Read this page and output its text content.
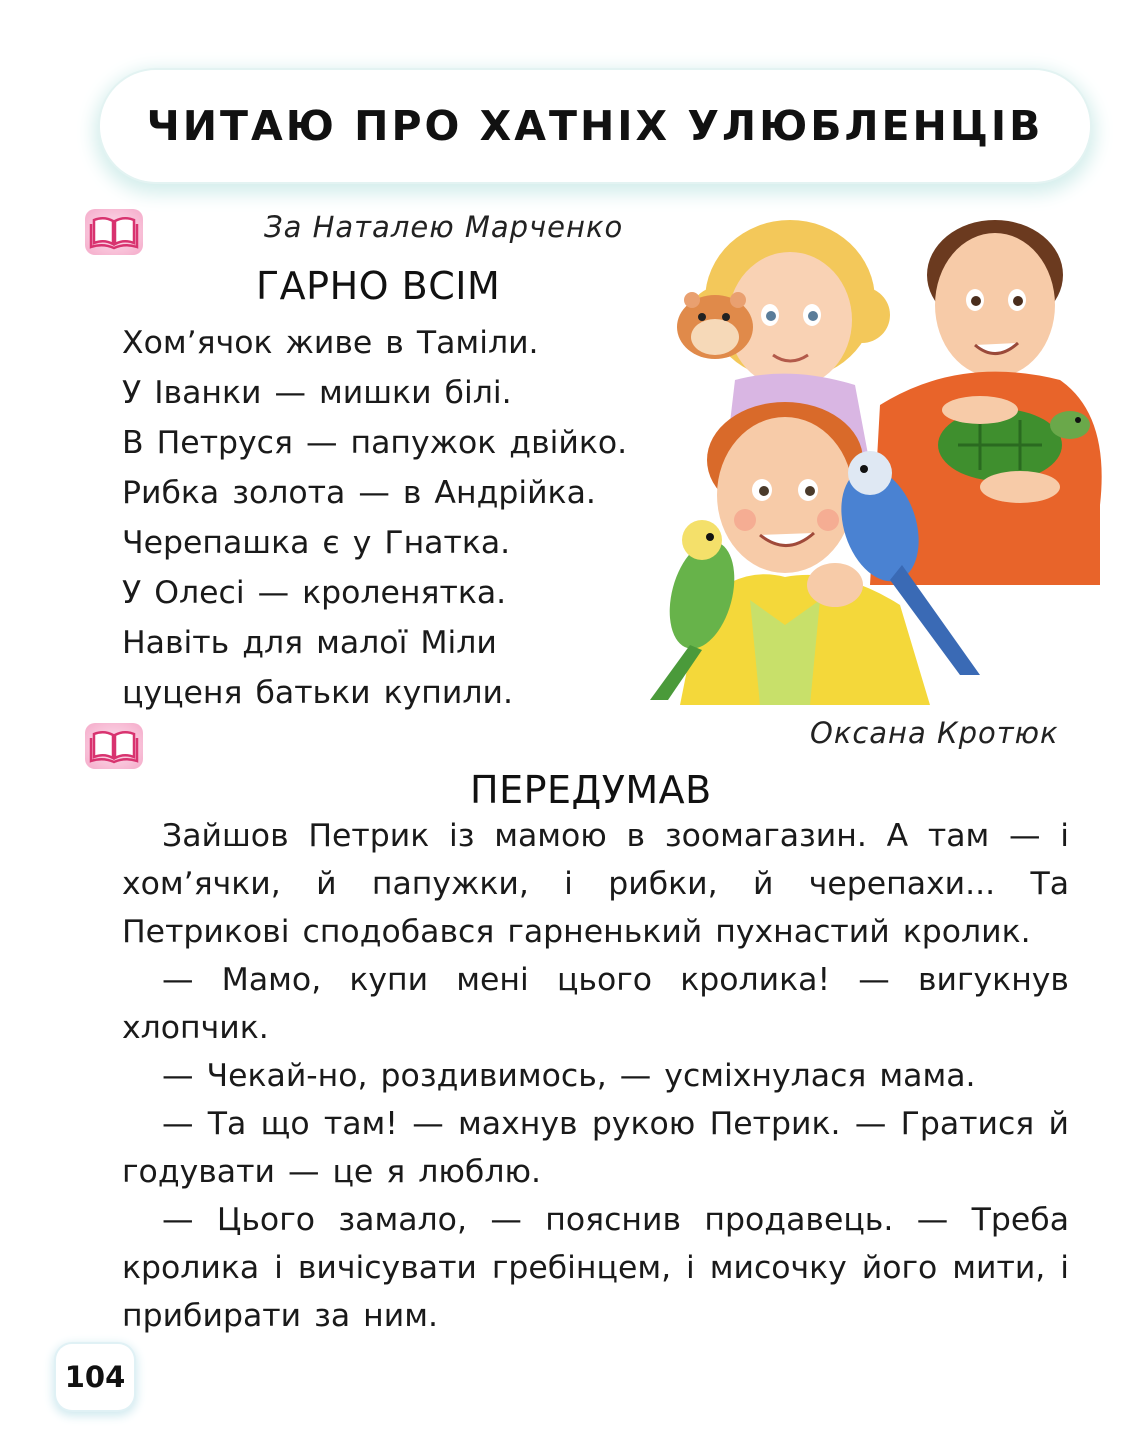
ЧИТАЮ ПРО ХАТНІХ УЛЮБЛЕНЦІВ
За Наталею Марченко
ГАРНО ВСІМ
Хом’ячок живе в Таміли.
У Іванки — мишки білі.
В Петруся — папужок двійко.
Рибка золота — в Андрійка.
Черепашка є у Гнатка.
У Олесі — кроленятка.
Навіть для малої Міли
цуценя батьки купили.
Оксана Кротюк
ПЕРЕДУМАВ

Зайшов Петрик із мамою в зоомагазин. А там — і хом’ячки, й папужки, і рибки, й черепахи... Та Петрикові сподобався гарненький пухнастий кролик.

— Мамо, купи мені цього кролика! — вигукнув хлопчик.

— Чекай-но, роздивимось, — усміхнулася мама.

— Та що там! — махнув рукою Петрик. — Гратися й годувати — це я люблю.

— Цього замало, — пояснив продавець. — Треба кролика і вичісувати гребінцем, і мисочку його мити, і прибирати за ним.

104
